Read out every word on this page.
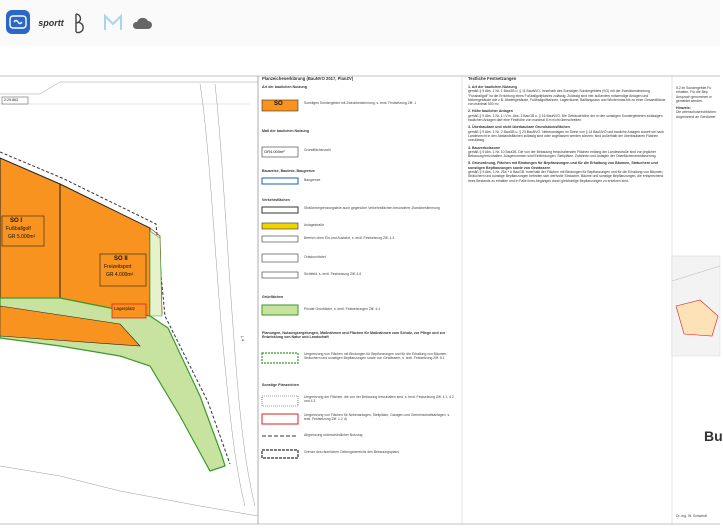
sportt
2:29.863
SO I
Fußballgolf
GR 5.000m²
SO II
Freizeitsport
GR 4.000m²
Lagerplatz
L 4
Planzeichenerklärung (BauNVO 2017, PlanZV)
Art der baulichen Nutzung
SO	Sonstiges Sondergebiet mit Zweckbestimmung, s. textl. Festsetzung Ziff. 1
Maß der baulichen Nutzung
GR4.000m²	Grundflächenzahl
Bauweise, Baulinie, Baugrenze
Baugrenze
Verkehrsflächen
Straßenbegrenzungslinie auch gegenüber Verkehrsflächen besonderer Zweckbestimmung
Anlagestraße
Bereich ohne Ein-und Ausfahrt, s. textl. Festsetzung Ziff. 4.3
Ortsdurchfahrt
Sichtfeld, s. textl. Festsetzung Ziff. 4.6
Grünflächen
Private Grünfläche, s. textl. Festsetzungen Ziff. 4.4
Planungen, Nutzungsregelungen, Maßnahmen und Flächen für Maßnahmen zum Schutz, zur Pflege und zur Entwicklung von Natur und Landschaft
Umgrenzung von Flächen mit Bindungen für Bepflanzungen und für die Erhaltung von Bäumen, Sträuchern und sonstigen Bepflanzungen sowie von Gewässern, s. textl. Festsetzung Ziff. 5.1
Sonstige Planzeichen
Umgrenzung der Flächen, die von der Bebauung freizuhalten sind, s. textl. Festsetzung Ziff. 4.1, 4.2 und 4.3
Umgrenzung von Flächen für Nebenanlagen, Stellplätze, Garagen und Gemeinschaftsanlagen, s. textl. Festsetzung Ziff. 1.2 d)
Abgrenzung unterschiedlicher Nutzung
Grenze des räumlichen Geltungsbereichs des Bebauungsplans
Textliche Festsetzungen
1. Art der baulichen Nutzung
gemäß § 9 Abs. 1 Nr. 1 BauGB u. § 11 BauNVO. Innerhalb des Sonstigen Sondergebiets (SO) mit der Zweckbestimmung "Fussballgolf" ist die Errichtung eines Fußballgolfplatzes zulässig. Zulässig sind hier außerdem notwendige Anlagen und Nebengebäude wie z.B. Abstellgebäude, Fußballgolfbahnen, Lagerräume, Ballfangzaun und Windenmas bis zu einer Gesamtfläche von maximal 500 m².
2. Höhe baulicher Anlagen
gemäß § 9 Abs. 1 Nr. 1 i.V.m. Abs. 3 BauGB u. § 16 BauNVO. Die Gebäudehöhe der in den sonstigen Sondergebieten zulässigen baulichen Anlagen darf eine Firsthöhe von maximal 5 m nicht überschreiten.
3. Überbaubare und nicht überbaubare Grundstücksflächen
gemäß § 9 Abs. 1 Nr. 2 BauGB u. § 23 BauNVO. Nebenanlagen im Sinne von § 14 BauNVO und bauliche Anlagen soweit sie nach Landesrecht in den Abstandsflächen zulässig sind oder zugelassen werden können, sind außerhalb der überbaubaren Flächen unzulässig.
4. Bauverbotszone
gemäß § 9 Abs. 1 Nr. 10 BauGB. Die von der Bebauung freizuhaltenden Flächen entlang der Landesstraße sind von jeglicher Bebauung freizuhalten. Ausgenommen sind Einfriedungen, Stellplätze, Zufahrten und Anlagen der Oberflächenentwässerung.
5. Grünordnung, Flächen mit Bindungen für Bepflanzungen und für die Erhaltung von Bäumen, Sträuchern und sonstigen Bepflanzungen sowie von Gewässern
gemäß § 9 Abs. 1 Nr. 25a + b BauGB. Innerhalb der Flächen mit Bindungen für Bepflanzungen und für die Erhaltung von Bäumen, Sträuchern und sonstige Bepflanzungen befinden sich wertvolle Sträucher, Bäume und sonstige Bepflanzungen, die entsprechend ihres Bestands zu erhalten und in Falle ihres Abganges durch gleichartige Bepflanzungen zu ersetzen sind.
5.2 im Sondergebiet Fu erhalten. Für die Bep Anspruch genommen w gemeldet werden.
Hinweis:
Die artenschutzrechtlichen Angrenzend an Gehölzber
Bu
Dr.-Ing. W. Schwerdt
